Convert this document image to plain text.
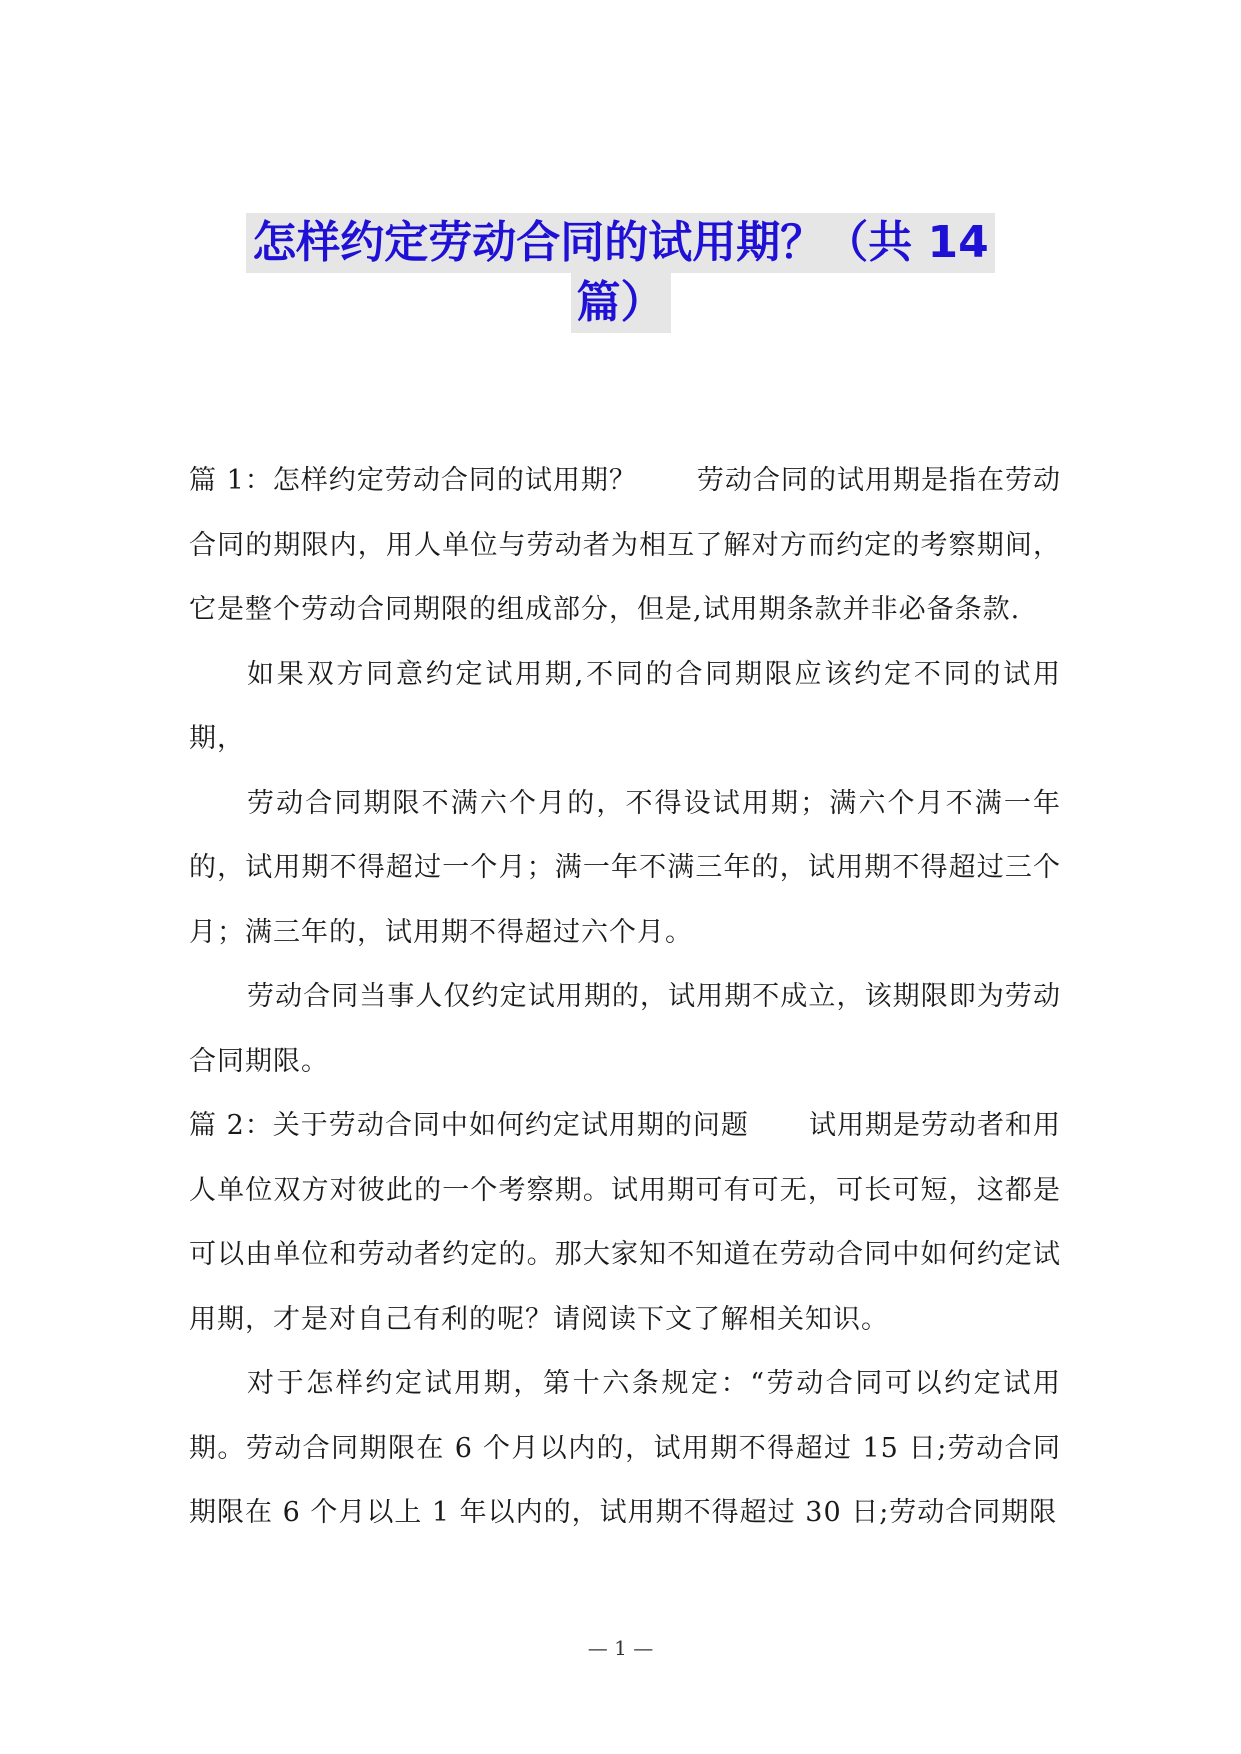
怎样约定劳动合同的试用期？（共 14
篇）

篇 1：怎样约定劳动合同的试用期？ 劳动合同的试用期是指在劳动合同的期限内，用人单位与劳动者为相互了解对方而约定的考察期间，它是整个劳动合同期限的组成部分，但是,试用期条款并非必备条款.

如果双方同意约定试用期,不同的合同期限应该约定不同的试用期，

劳动合同期限不满六个月的，不得设试用期；满六个月不满一年的，试用期不得超过一个月；满一年不满三年的，试用期不得超过三个月；满三年的，试用期不得超过六个月。

劳动合同当事人仅约定试用期的，试用期不成立，该期限即为劳动合同期限。

篇 2：关于劳动合同中如何约定试用期的问题 试用期是劳动者和用人单位双方对彼此的一个考察期。试用期可有可无，可长可短，这都是可以由单位和劳动者约定的。那大家知不知道在劳动合同中如何约定试用期，才是对自己有利的呢？请阅读下文了解相关知识。

对于怎样约定试用期，第十六条规定：“劳动合同可以约定试用期。劳动合同期限在 6 个月以内的，试用期不得超过 15 日;劳动合同期限在 6 个月以上 1 年以内的，试用期不得超过 30 日;劳动合同期限

— 1 —
